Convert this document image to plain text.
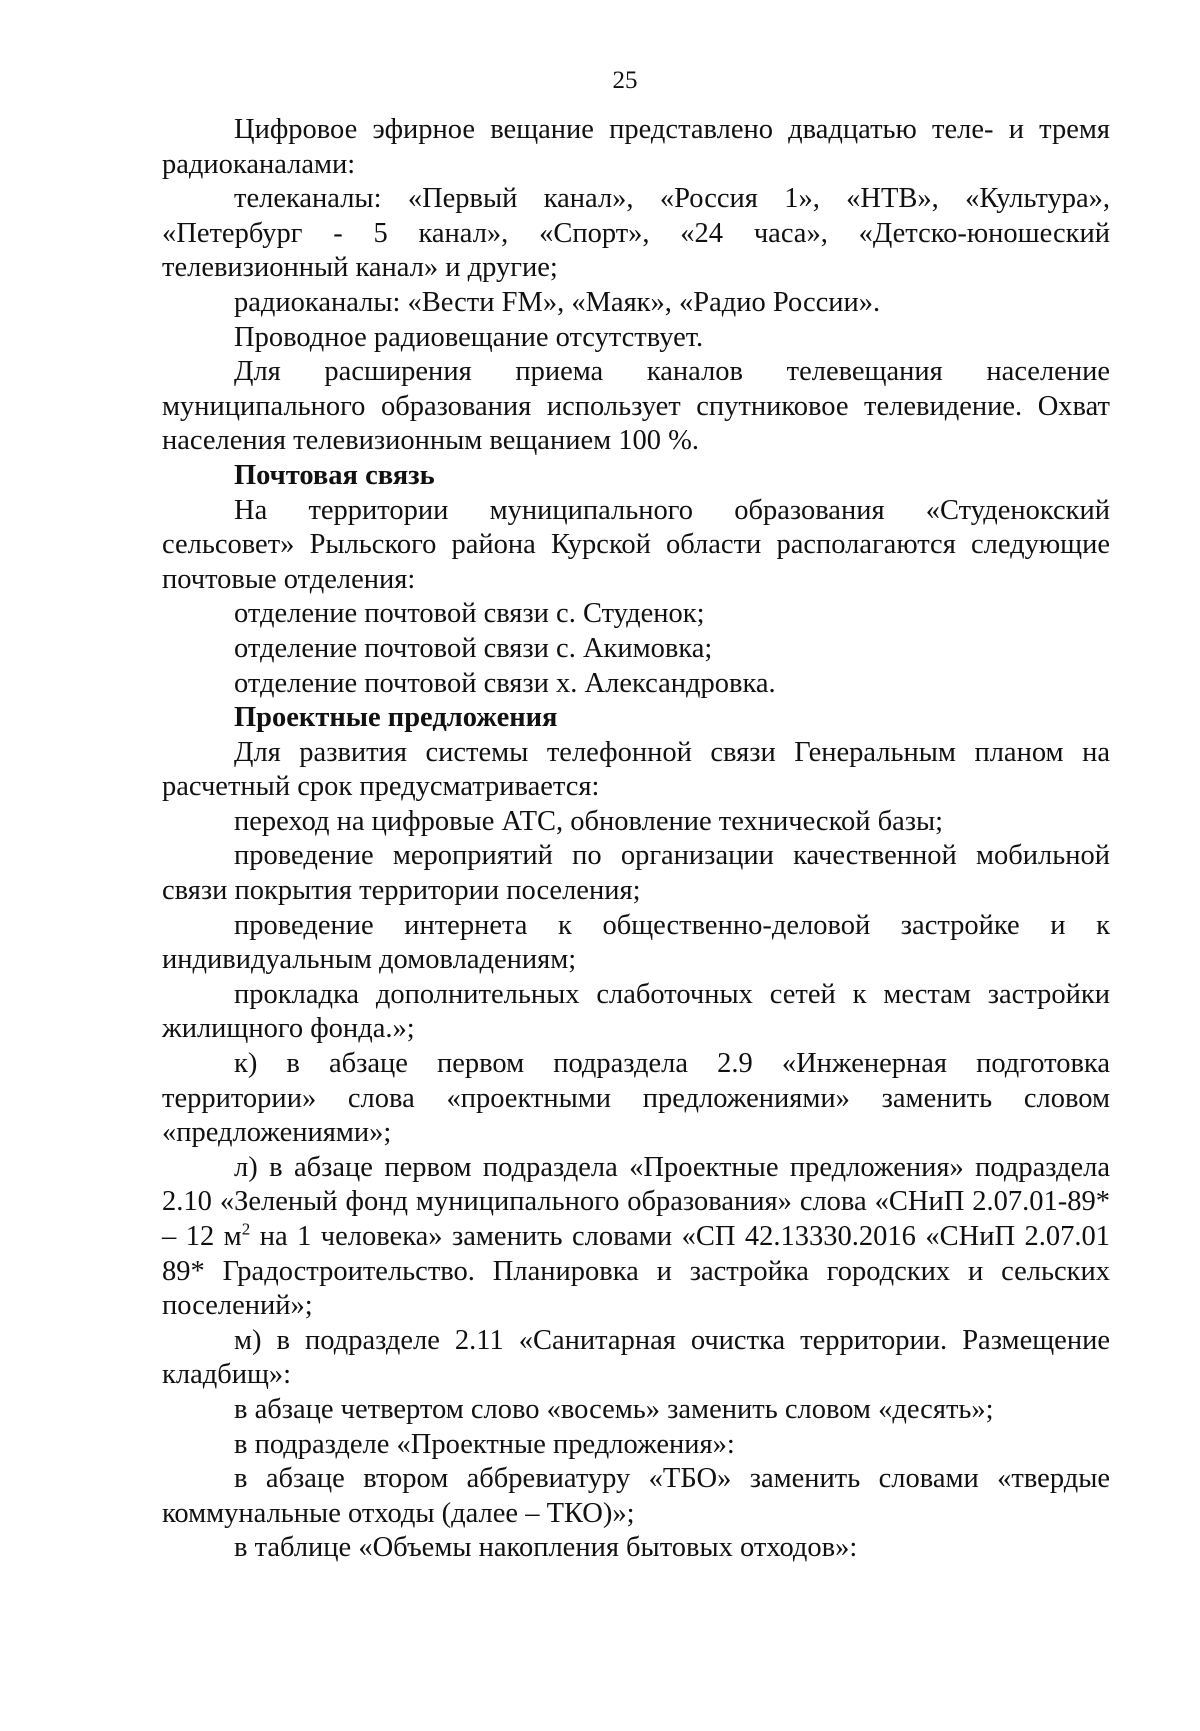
25

Цифровое эфирное вещание представлено двадцатью теле- и тремя радиоканалами:

телеканалы: «Первый канал», «Россия 1», «НТВ», «Культура», «Петербург - 5 канал», «Спорт», «24 часа», «Детско-юношеский телевизионный канал» и другие;

радиоканалы: «Вести FM», «Маяк», «Радио России».

Проводное радиовещание отсутствует.

Для расширения приема каналов телевещания население муниципального образования использует спутниковое телевидение. Охват населения телевизионным вещанием 100 %.

Почтовая связь

На территории муниципального образования «Студенокский сельсовет» Рыльского района Курской области располагаются следующие почтовые отделения:

отделение почтовой связи с. Студенок;

отделение почтовой связи с. Акимовка;

отделение почтовой связи х. Александровка.

Проектные предложения

Для развития системы телефонной связи Генеральным планом на расчетный срок предусматривается:

переход на цифровые АТС, обновление технической базы;

проведение мероприятий по организации качественной мобильной связи покрытия территории поселения;

проведение интернета к общественно-деловой застройке и к индивидуальным домовладениям;

прокладка дополнительных слаботочных сетей к местам застройки жилищного фонда.»;

к) в абзаце первом подраздела 2.9 «Инженерная подготовка территории» слова «проектными предложениями» заменить словом «предложениями»;

л) в абзаце первом подраздела «Проектные предложения» подраздела 2.10 «Зеленый фонд муниципального образования» слова «СНиП 2.07.01-89* – 12 $м^2$ на 1 человека» заменить словами «СП 42.13330.2016 «СНиП 2.07.01 89* Градостроительство. Планировка и застройка городских и сельских поселений»;

м) в подразделе 2.11 «Санитарная очистка территории. Размещение кладбищ»:

в абзаце четвертом слово «восемь» заменить словом «десять»;

в подразделе «Проектные предложения»:

в абзаце втором аббревиатуру «ТБО» заменить словами «твердые коммунальные отходы (далее – ТКО)»;

в таблице «Объемы накопления бытовых отходов»:
